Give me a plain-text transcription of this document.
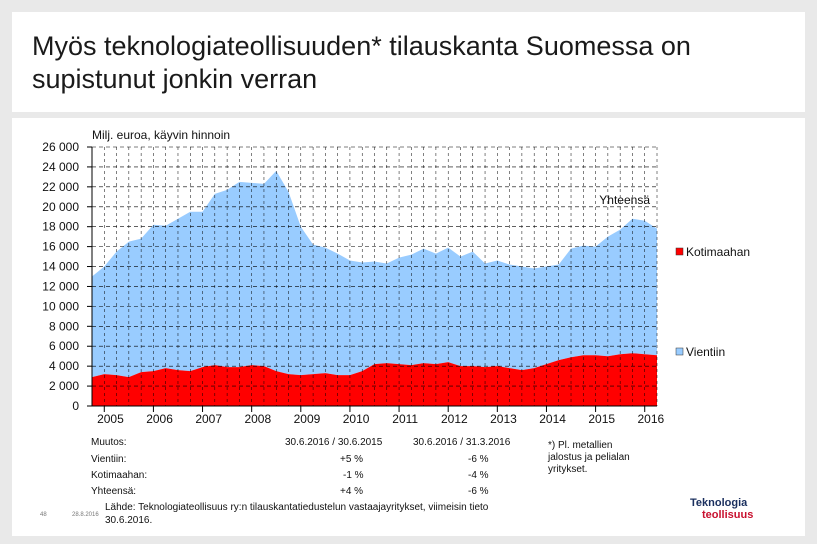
Myös teknologiateollisuuden* tilauskanta Suomessa on supistunut jonkin verran
26 000
24 000
22 000
20 000
18 000
16 000
14 000
12 000
10 000
8 000
6 000
4 000
2 000
0
2005 2006 2007 2008 2009 2010 2011 2012 2013 2014 2015 2016
Milj. euroa, käyvin hinnoin
Yhteensä
Kotimaahan
Vientiin
Muutos:	30.6.2016 / 30.6.2015	30.6.2016 / 31.3.2016
Vientiin:	+5 %	-6 %
Kotimaahan:	-1 %	-4 %
Yhteensä:	+4 %	-6 %
*) Pl. metallien jalostus ja pelialan yritykset.
Lähde: Teknologiateollisuus ry:n tilauskantatiedustelun vastaajayritykset, viimeisin tieto 30.6.2016.
Teknologia
teollisuus
48	28.8.2016
